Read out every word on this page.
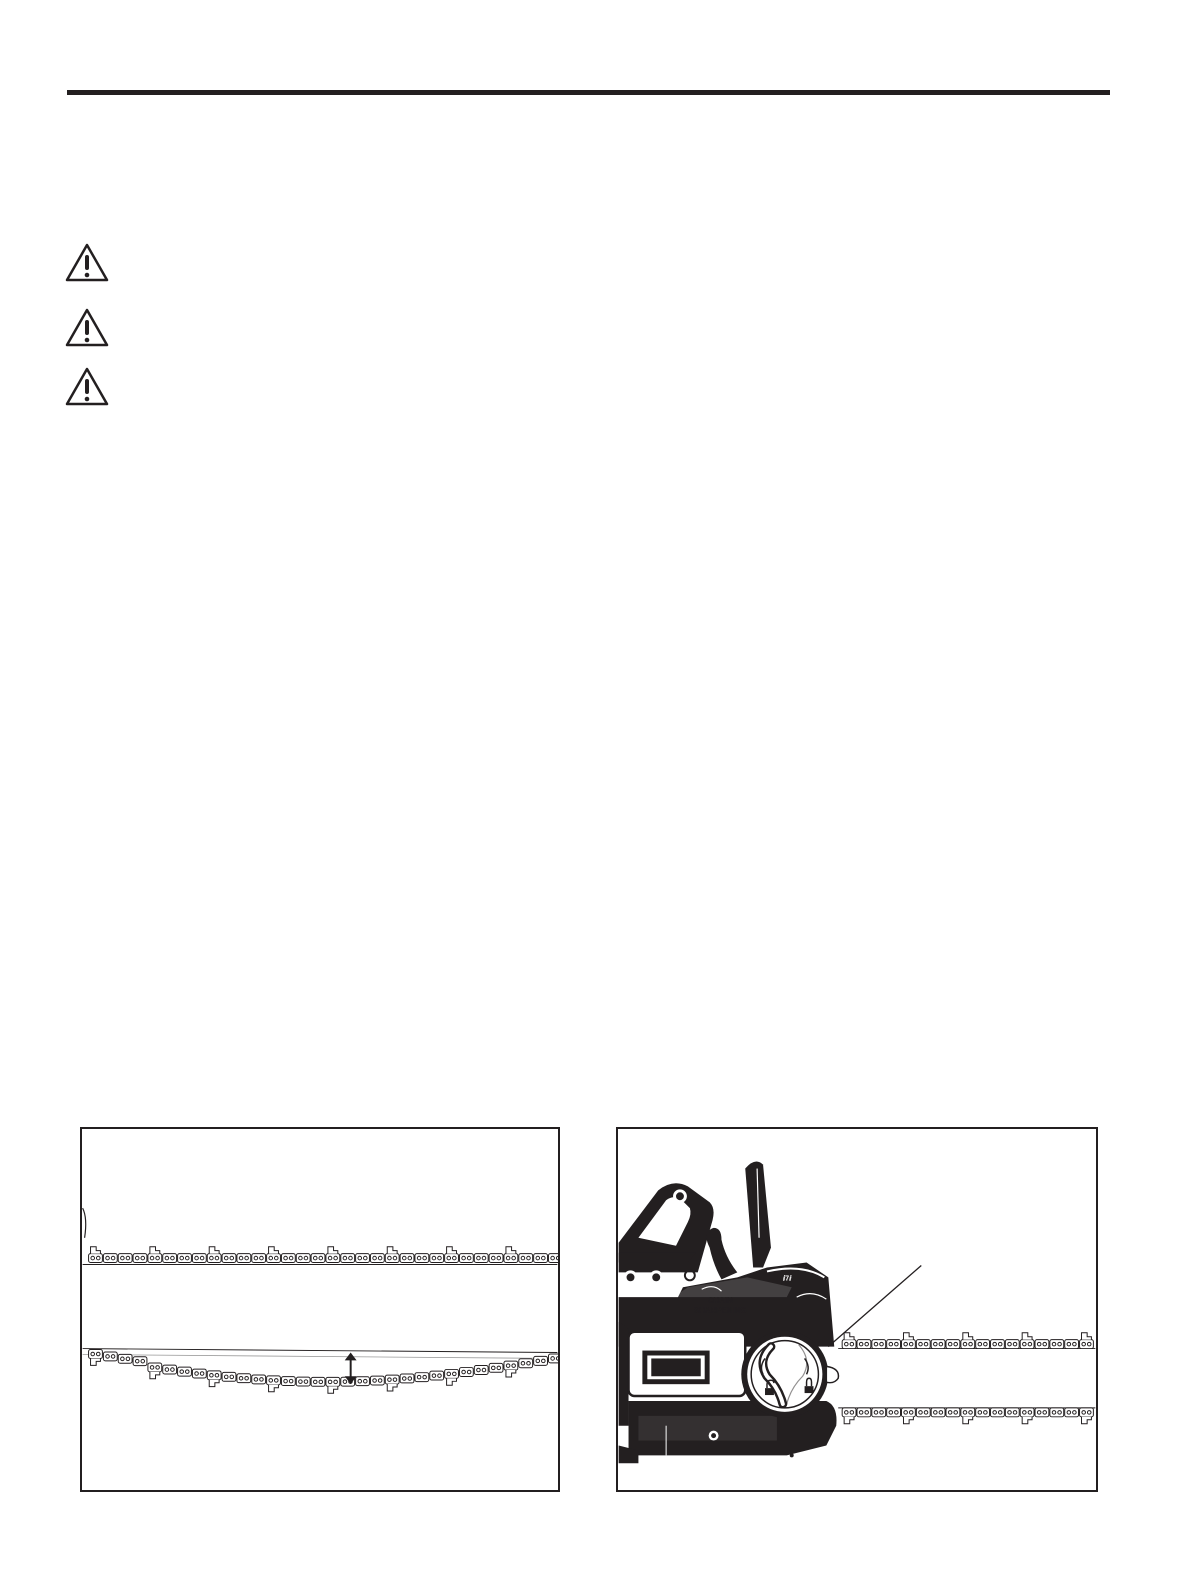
ⅈ7ⅈ
CHAIN
SHARPENING
